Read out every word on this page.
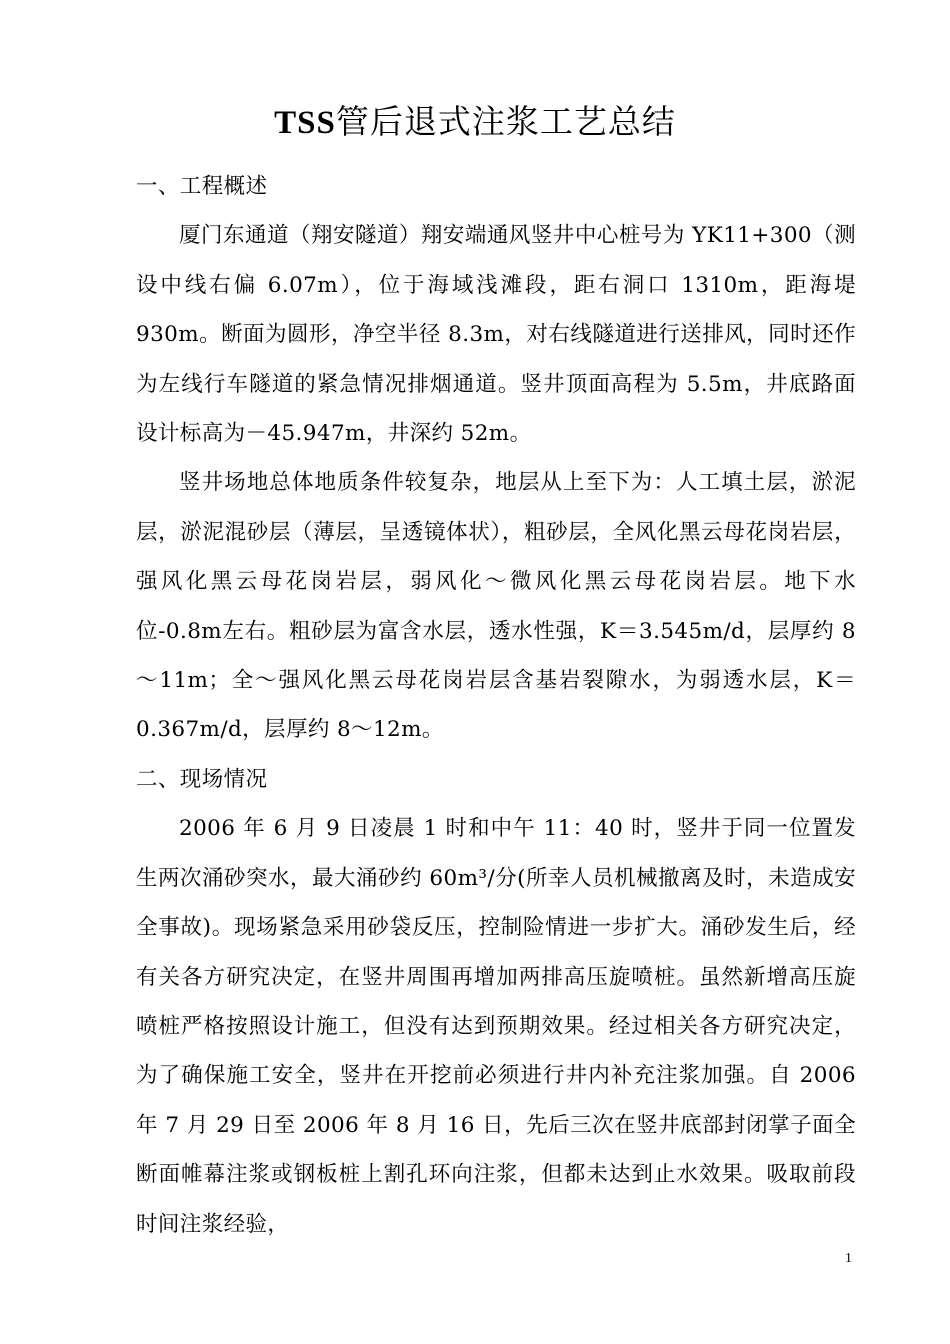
TSS管后退式注浆工艺总结

一、工程概述

厦门东通道（翔安隧道）翔安端通风竖井中心桩号为 YK11+300（测设中线右偏 6.07m），位于海域浅滩段，距右洞口 1310m，距海堤 930m。断面为圆形，净空半径 8.3m，对右线隧道进行送排风，同时还作为左线行车隧道的紧急情况排烟通道。竖井顶面高程为 5.5m，井底路面设计标高为－45.947m，井深约 52m。

竖井场地总体地质条件较复杂，地层从上至下为：人工填土层，淤泥层，淤泥混砂层（薄层，呈透镜体状），粗砂层，全风化黑云母花岗岩层，强风化黑云母花岗岩层，弱风化～微风化黑云母花岗岩层。地下水位-0.8m左右。粗砂层为富含水层，透水性强，K＝3.545m/d，层厚约 8～11m；全～强风化黑云母花岗岩层含基岩裂隙水，为弱透水层，K＝0.367m/d，层厚约 8～12m。

二、现场情况

2006 年 6 月 9 日凌晨 1 时和中午 11：40 时，竖井于同一位置发生两次涌砂突水，最大涌砂约 60m³/分(所幸人员机械撤离及时，未造成安全事故)。现场紧急采用砂袋反压，控制险情进一步扩大。涌砂发生后，经有关各方研究决定，在竖井周围再增加两排高压旋喷桩。虽然新增高压旋喷桩严格按照设计施工，但没有达到预期效果。经过相关各方研究决定，为了确保施工安全，竖井在开挖前必须进行井内补充注浆加强。自 2006 年 7 月 29 日至 2006 年 8 月 16 日，先后三次在竖井底部封闭掌子面全断面帷幕注浆或钢板桩上割孔环向注浆，但都未达到止水效果。吸取前段时间注浆经验，

1
